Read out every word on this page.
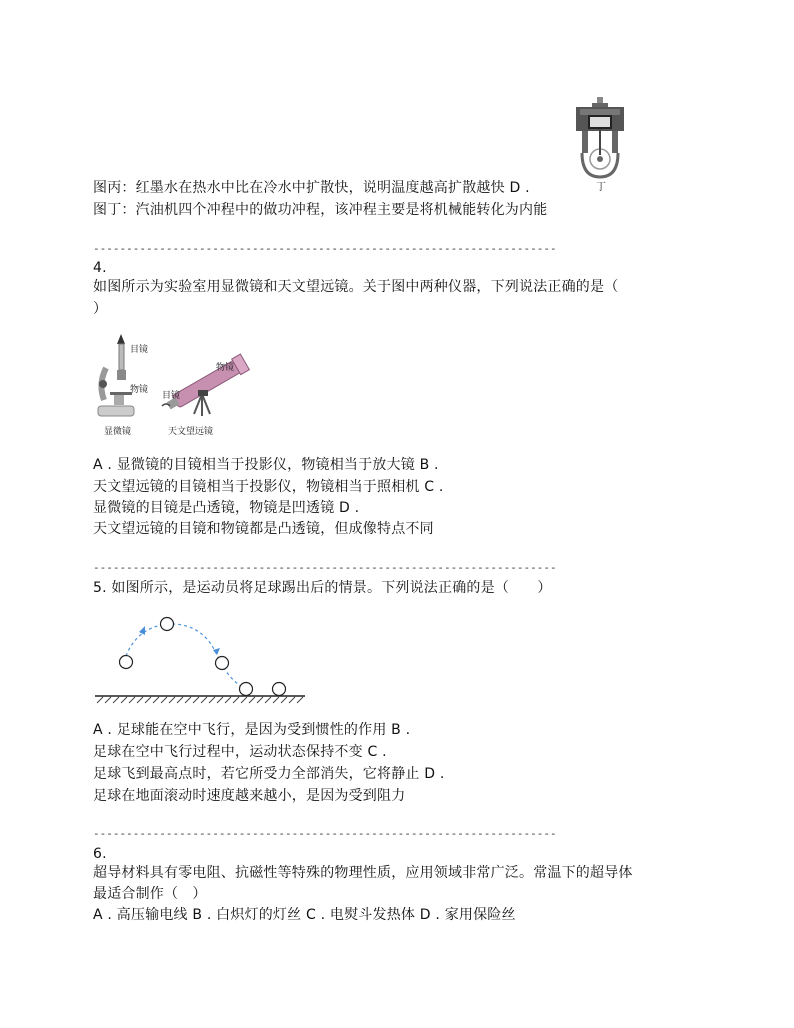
丁
图丙：红墨水在热水中比在冷水中扩散快，说明温度越高扩散越快 D .
图丁：汽油机四个冲程中的做功冲程，该冲程主要是将机械能转化为内能
----------------------------------------------------------------------
4.
如图所示为实验室用显微镜和天文望远镜。关于图中两种仪器，下列说法正确的是（
）
目镜
物镜
显微镜
物镜
目镜
天文望远镜
A . 显微镜的目镜相当于投影仪，物镜相当于放大镜 B .
天文望远镜的目镜相当于投影仪，物镜相当于照相机 C .
显微镜的目镜是凸透镜，物镜是凹透镜 D .
天文望远镜的目镜和物镜都是凸透镜，但成像特点不同
----------------------------------------------------------------------
5. 如图所示，是运动员将足球踢出后的情景。下列说法正确的是（　　）
A . 足球能在空中飞行，是因为受到惯性的作用 B .
足球在空中飞行过程中，运动状态保持不变 C .
足球飞到最高点时，若它所受力全部消失，它将静止 D .
足球在地面滚动时速度越来越小，是因为受到阻力
----------------------------------------------------------------------
6.
超导材料具有零电阻、抗磁性等特殊的物理性质，应用领域非常广泛。常温下的超导体
最适合制作（　）
A . 高压输电线 B . 白炽灯的灯丝 C . 电熨斗发热体 D . 家用保险丝
